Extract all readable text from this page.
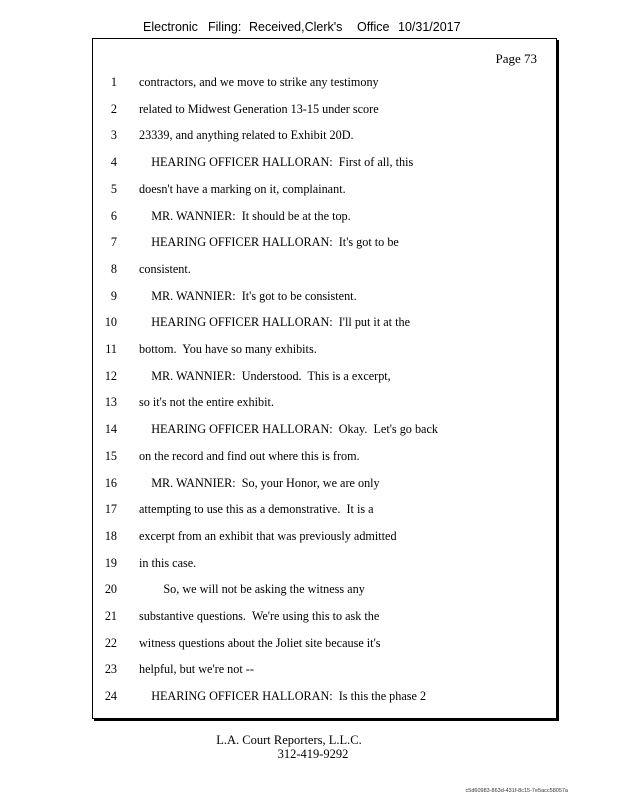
Electronic Filing: Received,Clerk's Office 10/31/2017
Page 73
1 contractors, and we move to strike any testimony
2 related to Midwest Generation 13-15 under score
3 23339, and anything related to Exhibit 20D.
4 HEARING OFFICER HALLORAN:  First of all, this
5 doesn't have a marking on it, complainant.
6 MR. WANNIER:  It should be at the top.
7 HEARING OFFICER HALLORAN:  It's got to be
8 consistent.
9 MR. WANNIER:  It's got to be consistent.
10 HEARING OFFICER HALLORAN:  I'll put it at the
11 bottom.  You have so many exhibits.
12 MR. WANNIER:  Understood.  This is a excerpt,
13 so it's not the entire exhibit.
14 HEARING OFFICER HALLORAN:  Okay.  Let's go back
15 on the record and find out where this is from.
16 MR. WANNIER:  So, your Honor, we are only
17 attempting to use this as a demonstrative.  It is a
18 excerpt from an exhibit that was previously admitted
19 in this case.
20 So, we will not be asking the witness any
21 substantive questions.  We're using this to ask the
22 witness questions about the Joliet site because it's
23 helpful, but we're not --
24 HEARING OFFICER HALLORAN:  Is this the phase 2
L.A. Court Reporters, L.L.C.
312-419-9292
c5d60983-863d-431f-8c15-7e5acc58057a
